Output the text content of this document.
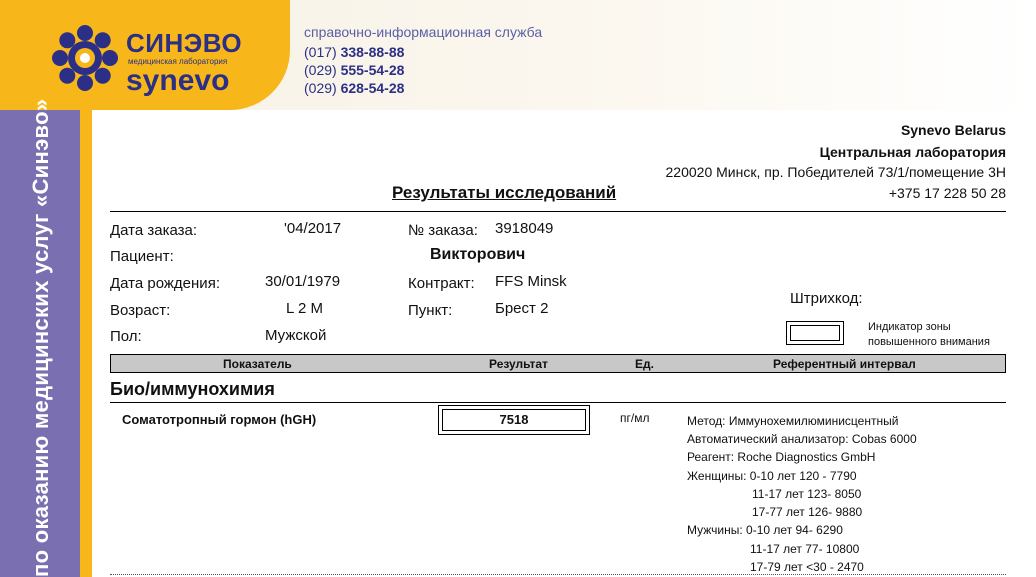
СИНЭВО
медицинская лаборатория
synevo
справочно-информационная служба
(017) 338-88-88
(029) 555-54-28
(029) 628-54-28
по оказанию медицинских услуг «Синэво»	Synevo Belarus
Центральная лаборатория
220020 Минск, пр. Победителей 73/1/помещение 3Н
+375 17 228 50 28
Результаты исследований
Дата заказа:	'04/2017	№ заказа: 3918049
Пациент:	Викторович
Дата рождения:	30/01/1979	Контракт: FFS Minsk
Возраст:	L 2 M	Пункт:	Брест 2
Пол:	Мужской
Штрихкод:
Индикатор зоны
повышенного внимания
Показатель	Результат	Ед.	Референтный интервал
Био/иммунохимия
Соматотропный гормон (hGH)	7518	пг/мл	Метод: Иммунохемилюминисцентный
Автоматический анализатор: Cobas 6000
Реагент: Roche Diagnostics GmbH
Женщины: 0-10 лет 120 - 7790
11-17 лет 123- 8050
17-77 лет 126- 9880
Мужчины: 0-10 лет 94- 6290
11-17 лет 77- 10800
17-79 лет <30 - 2470
